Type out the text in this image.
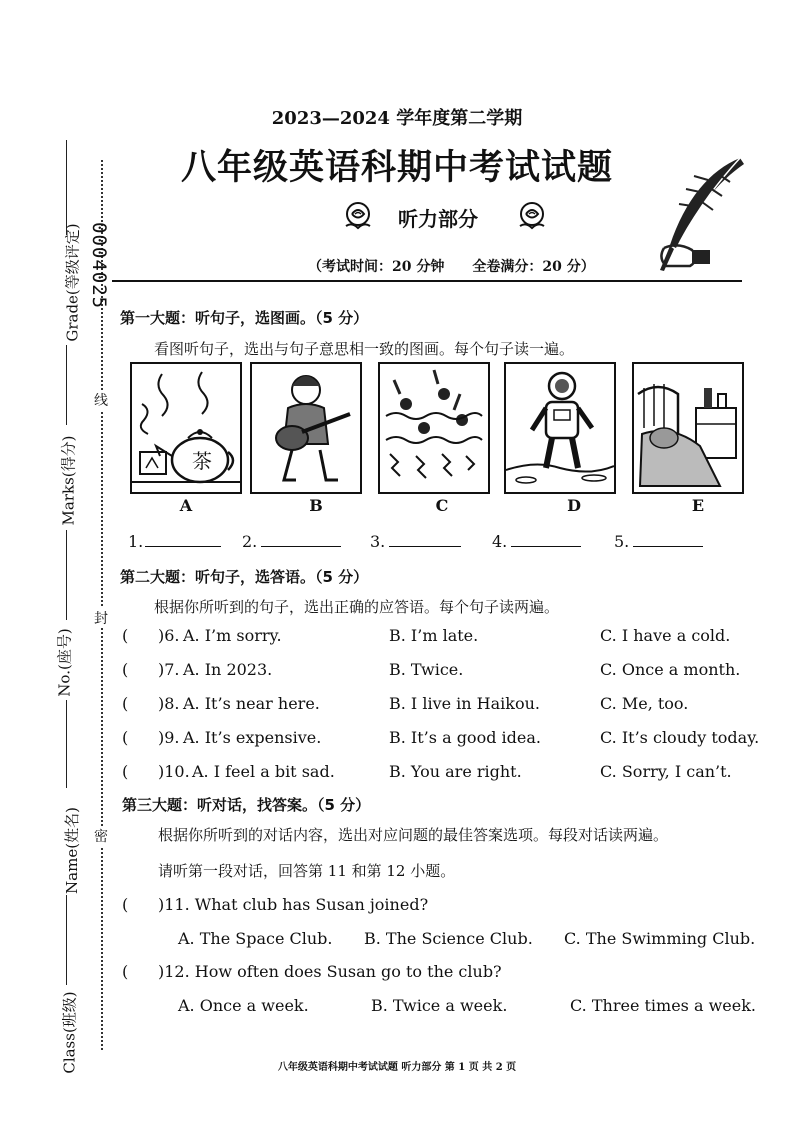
Grade(等级评定)
Marks(得分)
No.(座号)
Name(姓名)
Class(班级)
线
封
密
0004025
2023—2024 学年度第二学期
八年级英语科期中考试试题
听力部分
（考试时间：20 分钟　　全卷满分：20 分）
第一大题：听句子，选图画。（5 分）
看图听句子，选出与句子意思相一致的图画。每个句子读一遍。
茶
A	B	C	D	E
1.	2.	3.	4.	5.
第二大题：听句子，选答语。（5 分）
根据你所听到的句子，选出正确的应答语。每个句子读两遍。
( )6. A. I’m sorry.	B. I’m late.	C. I have a cold.
( )7. A. In 2023.	B. Twice.	C. Once a month.
( )8. A. It’s near here.	B. I live in Haikou.	C. Me, too.
( )9. A. It’s expensive.	B. It’s a good idea.	C. It’s cloudy today.
( )10. A. I feel a bit sad.	B. You are right.	C. Sorry, I can’t.
第三大题：听对话，找答案。（5 分）
根据你所听到的对话内容，选出对应问题的最佳答案选项。每段对话读两遍。
请听第一段对话，回答第 11 和第 12 小题。
( )11. What club has Susan joined?
A. The Space Club. B. The Science Club. C. The Swimming Club.
( )12. How often does Susan go to the club?
A. Once a week.	B. Twice a week.	C. Three times a week.
八年级英语科期中考试试题 听力部分 第 1 页 共 2 页
